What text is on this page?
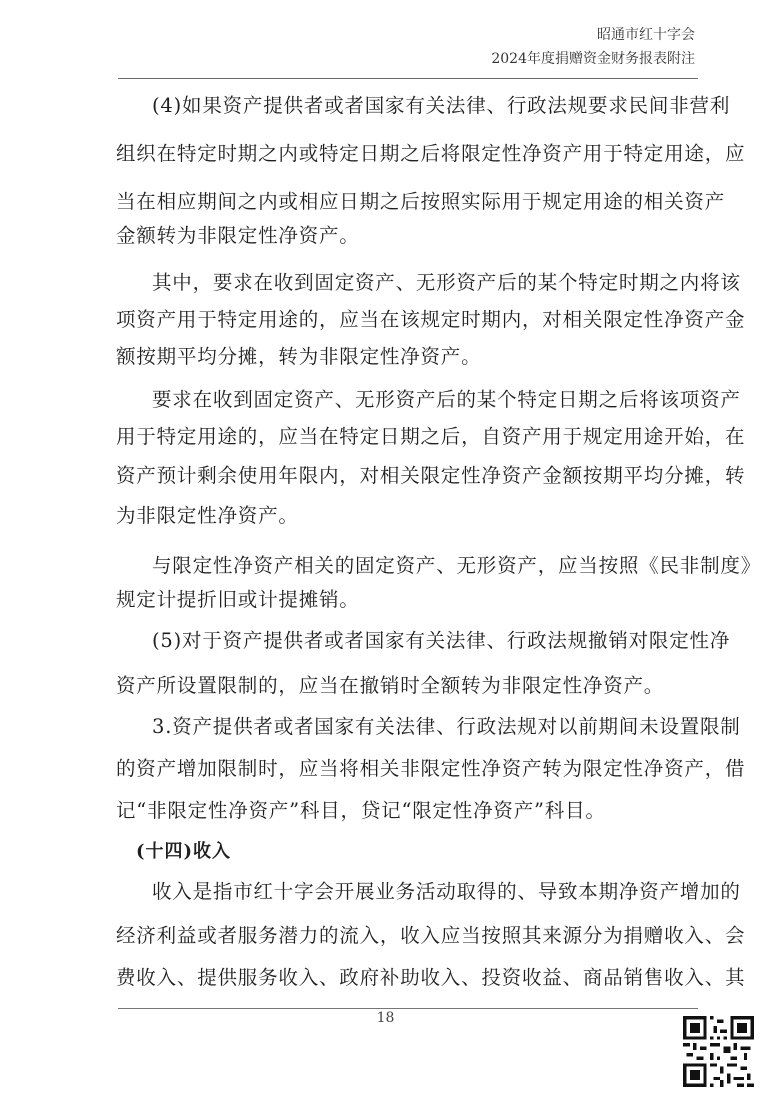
昭通市红十字会
2024年度捐赠资金财务报表附注
(4)如果资产提供者或者国家有关法律、行政法规要求民间非营利
组织在特定时期之内或特定日期之后将限定性净资产用于特定用途，应
当在相应期间之内或相应日期之后按照实际用于规定用途的相关资产
金额转为非限定性净资产。
其中，要求在收到固定资产、无形资产后的某个特定时期之内将该
项资产用于特定用途的，应当在该规定时期内，对相关限定性净资产金
额按期平均分摊，转为非限定性净资产。
要求在收到固定资产、无形资产后的某个特定日期之后将该项资产
用于特定用途的，应当在特定日期之后，自资产用于规定用途开始，在
资产预计剩余使用年限内，对相关限定性净资产金额按期平均分摊，转
为非限定性净资产。
与限定性净资产相关的固定资产、无形资产，应当按照《民非制度》
规定计提折旧或计提摊销。
(5)对于资产提供者或者国家有关法律、行政法规撤销对限定性净
资产所设置限制的，应当在撤销时全额转为非限定性净资产。
3.资产提供者或者国家有关法律、行政法规对以前期间未设置限制
的资产增加限制时，应当将相关非限定性净资产转为限定性净资产，借
记“非限定性净资产”科目，贷记“限定性净资产”科目。
(十四)收入
收入是指市红十字会开展业务活动取得的、导致本期净资产增加的
经济利益或者服务潜力的流入，收入应当按照其来源分为捐赠收入、会
费收入、提供服务收入、政府补助收入、投资收益、商品销售收入、其
18
